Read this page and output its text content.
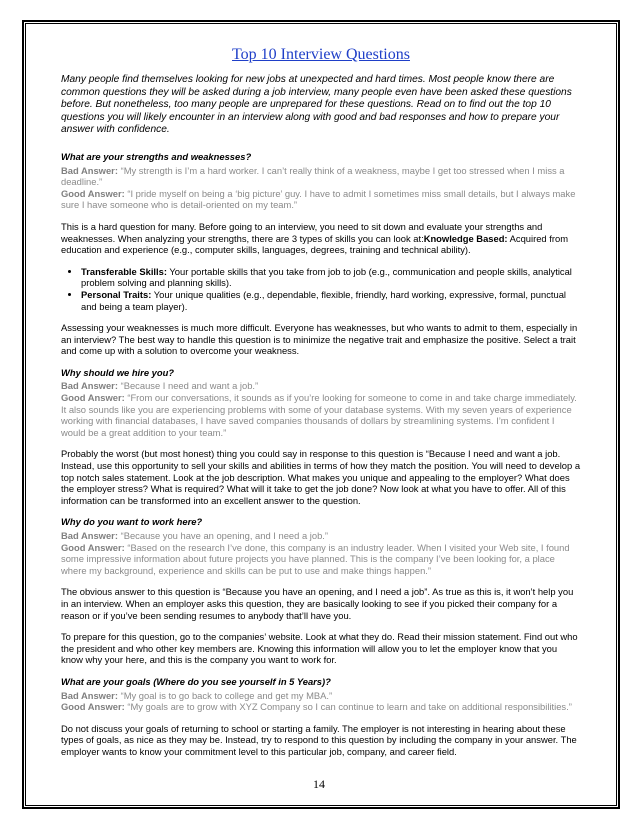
Top 10 Interview Questions
Many people find themselves looking for new jobs at unexpected and hard times. Most people know there are common questions they will be asked during a job interview, many people even have been asked these questions before. But nonetheless, too many people are unprepared for these questions. Read on to find out the top 10 questions you will likely encounter in an interview along with good and bad responses and how to prepare your answer with confidence.
What are your strengths and weaknesses?
Bad Answer: “My strength is I’m a hard worker. I can’t really think of a weakness, maybe I get too stressed when I miss a deadline.”
Good Answer: “I pride myself on being a ‘big picture’ guy. I have to admit I sometimes miss small details, but I always make sure I have someone who is detail-oriented on my team.”

This is a hard question for many. Before going to an interview, you need to sit down and evaluate your strengths and weaknesses. When analyzing your strengths, there are 3 types of skills you can look at:Knowledge Based: Acquired from education and experience (e.g., computer skills, languages, degrees, training and technical ability).

• Transferable Skills: Your portable skills that you take from job to job (e.g., communication and people skills, analytical problem solving and planning skills).
• Personal Traits: Your unique qualities (e.g., dependable, flexible, friendly, hard working, expressive, formal, punctual and being a team player).

Assessing your weaknesses is much more difficult. Everyone has weaknesses, but who wants to admit to them, especially in an interview? The best way to handle this question is to minimize the negative trait and emphasize the positive. Select a trait and come up with a solution to overcome your weakness.

Why should we hire you?
Bad Answer: “Because I need and want a job.”
Good Answer: “From our conversations, it sounds as if you’re looking for someone to come in and take charge immediately. It also sounds like you are experiencing problems with some of your database systems. With my seven years of experience working with financial databases, I have saved companies thousands of dollars by streamlining systems. I’m confident I would be a great addition to your team.”

Probably the worst (but most honest) thing you could say in response to this question is “Because I need and want a job. Instead, use this opportunity to sell your skills and abilities in terms of how they match the position. You will need to develop a top notch sales statement. Look at the job description. What makes you unique and appealing to the employer? What does the employer stress? What is required? What will it take to get the job done? Now look at what you have to offer. All of this information can be transformed into an excellent answer to the question.

Why do you want to work here?
Bad Answer: “Because you have an opening, and I need a job.”
Good Answer: “Based on the research I’ve done, this company is an industry leader. When I visited your Web site, I found some impressive information about future projects you have planned. This is the company I’ve been looking for, a place where my background, experience and skills can be put to use and make things happen.”

The obvious answer to this question is “Because you have an opening, and I need a job”. As true as this is, it won’t help you in an interview. When an employer asks this question, they are basically looking to see if you picked their company for a reason or if you’ve been sending resumes to anybody that’ll have you.

To prepare for this question, go to the companies’ website. Look at what they do. Read their mission statement. Find out who the president and who other key members are. Knowing this information will allow you to let the employer know that you know why your here, and this is the company you want to work for.

What are your goals (Where do you see yourself in 5 Years)?
Bad Answer: “My goal is to go back to college and get my MBA.”
Good Answer: “My goals are to grow with XYZ Company so I can continue to learn and take on additional responsibilities.”

Do not discuss your goals of returning to school or starting a family. The employer is not interesting in hearing about these types of goals, as nice as they may be. Instead, try to respond to this question by including the company in your answer. The employer wants to know your commitment level to this particular job, company, and career field.

14
